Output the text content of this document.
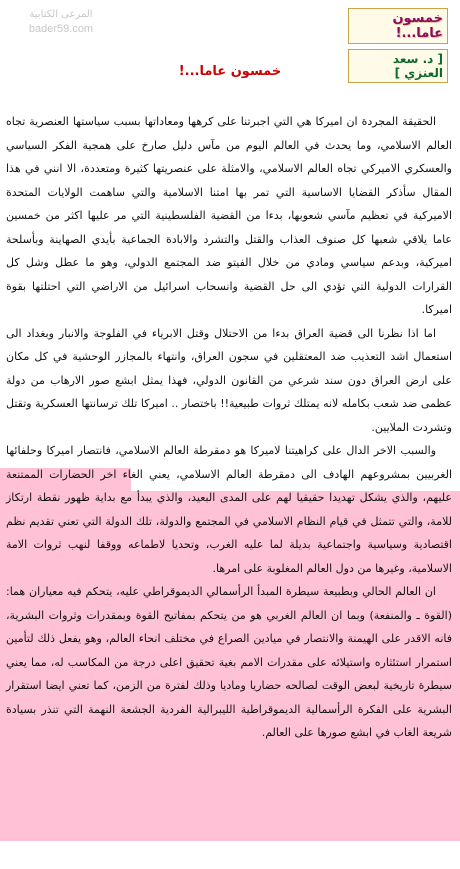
المرعى الكتابية
bader59.com
خمسون عاما...!
[ د. سعد العنزي ]
خمسون عاما...!

الحقيقة المجردة ان اميركا هي التي اجبرتنا على كرهها ومعاداتها بسبب سياستها العنصرية تجاه العالم الاسلامي، وما يحدث في العالم اليوم من مآس دليل صارخ على همجية الفكر السياسي والعسكري الاميركي تجاه العالم الاسلامي، والامثلة على عنصريتها كثيرة ومتعددة، الا انني في هذا المقال سأذكر القضايا الاساسية التي تمر بها امتنا الاسلامية والتي ساهمت الولايات المتحدة الاميركية في تعظيم مآسي شعوبها، بدءا من القضية الفلسطينية التي مر عليها اكثر من خمسين عاما يلاقي شعبها كل صنوف العذاب والقتل والتشرد والابادة الجماعية بأيدي الصهاينة وبأسلحة اميركية، وبدعم سياسي ومادي من خلال الفيتو ضد المجتمع الدولي، وهو ما عطل وشل كل القرارات الدولية التي تؤدي الى حل القضية وانسحاب اسرائيل من الاراضي التي احتلتها بقوة اميركا.

اما اذا نظرنا الى قضية العراق بدءا من الاحتلال وقتل الابرياء في الفلوجة والانبار وبغداد الى استعمال اشد التعذيب ضد المعتقلين في سجون العراق، وانتهاء بالمجازر الوحشية في كل مكان على ارض العراق دون سند شرعي من القانون الدولي، فهذا يمثل ابشع صور الارهاب من دولة عظمى ضد شعب بكامله لانه يمتلك ثروات طبيعية!! باختصار .. اميركا تلك ترسانتها العسكرية وتقتل وتشردت الملايين.

والسبب الاخر الدال على كراهيتنا لاميركا هو دمقرطة العالم الاسلامي، فانتصار اميركا وحلفائها الغربيين بمشروعهم الهادف الى دمقرطة العالم الاسلامي، يعني الغاء اخر الحضارات الممتنعة عليهم، والذي يشكل تهديدا حقيقيا لهم على المدى البعيد، والذي يبدأ مع بداية ظهور نقطة ارتكاز للامة، والتي تتمثل في قيام النظام الاسلامي في المجتمع والدولة، تلك الدولة التي تعني تقديم نظم اقتصادية وسياسية واجتماعية بديلة لما عليه الغرب، وتحديا لاطماعه ووقفا لنهب ثروات الامة الاسلامية، وغيرها من دول العالم المغلوبة على امرها.

ان العالم الحالي وبطبيعة سيطرة المبدأ الرأسمالي الديموقراطي عليه، يتحكم فيه معياران هما: (القوة ـ والمنفعة) وبما ان العالم الغربي هو من يتحكم بمفاتيح القوة وبمقدرات وثروات البشرية، فانه الاقدر على الهيمنة والانتصار في ميادين الصراع في مختلف انحاء العالم، وهو يفعل ذلك لتأمين استمرار استئثاره واستيلائه على مقدرات الامم بغية تحقيق اعلى درجة من المكاسب له، مما يعني سيطرة تاريخية لبعض الوقت لصالحه حضاريا وماديا وذلك لفترة من الزمن، كما تعني ايضا استقرار البشرية على الفكرة الرأسمالية الديموقراطية الليبرالية الفردية الجشعة النهمة التي تنذر بسيادة شريعة الغاب في ابشع صورها على العالم.
